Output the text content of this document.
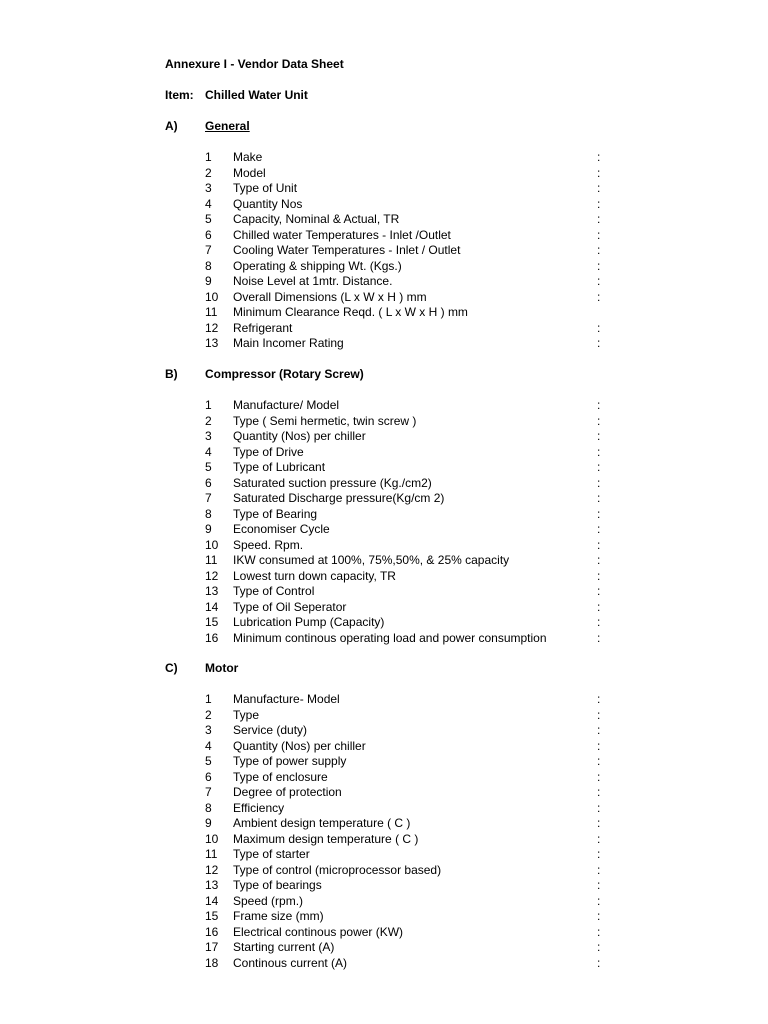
Annexure I - Vendor Data Sheet
Item: Chilled Water Unit
A) General
1 Make	:
2 Model	:
3 Type of Unit	:
4 Quantity Nos	:
5 Capacity, Nominal & Actual, TR	:
6 Chilled water Temperatures - Inlet /Outlet	:
7 Cooling Water Temperatures - Inlet / Outlet	:
8 Operating & shipping Wt. (Kgs.)	:
9 Noise Level at 1mtr. Distance.	:
10 Overall Dimensions (L x W x H ) mm	:
11 Minimum Clearance Reqd. ( L x W x H ) mm
12 Refrigerant	:
13 Main Incomer Rating	:
B) Compressor (Rotary Screw)
1 Manufacture/ Model	:
2 Type ( Semi hermetic, twin screw )	:
3 Quantity (Nos) per chiller	:
4 Type of Drive	:
5 Type of Lubricant	:
6 Saturated suction pressure (Kg./cm2)	:
7 Saturated Discharge pressure(Kg/cm 2)	:
8 Type of Bearing	:
9 Economiser Cycle	:
10 Speed. Rpm.	:
11 IKW consumed at 100%, 75%,50%, & 25% capacity	:
12 Lowest turn down capacity, TR	:
13 Type of Control	:
14 Type of Oil Seperator	:
15 Lubrication Pump (Capacity)	:
16 Minimum continous operating load and power consumption	:
C) Motor
1 Manufacture- Model	:
2 Type	:
3 Service (duty)	:
4 Quantity (Nos) per chiller	:
5 Type of power supply	:
6 Type of enclosure	:
7 Degree of protection	:
8 Efficiency	:
9 Ambient design temperature ( C )	:
10 Maximum design temperature ( C )	:
11 Type of starter	:
12 Type of control (microprocessor based)	:
13 Type of bearings	:
14 Speed (rpm.)	:
15 Frame size (mm)	:
16 Electrical continous power (KW)	:
17 Starting current (A)	:
18 Continous current (A)	:
